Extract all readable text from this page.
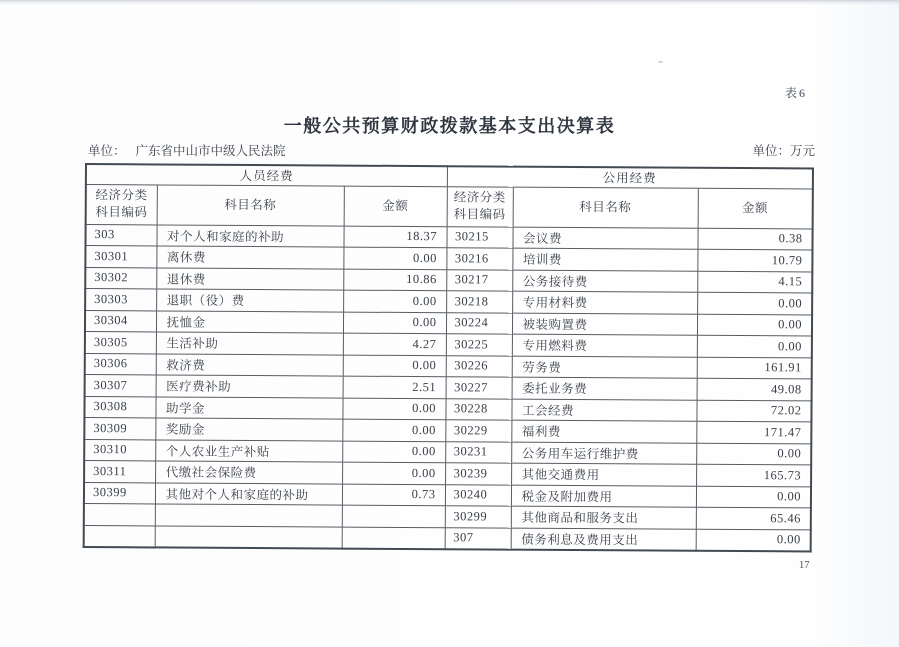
表6
一般公共预算财政拨款基本支出决算表
单位： 广东省中山市中级人民法院	单位：万元
人员经费			公用经费		
经济分类
科目编码	科目名称	金额	经济分类
科目编码	科目名称	金额
303	对个人和家庭的补助	18.37	30215	会议费	0.38
30301	离休费	0.00	30216	培训费	10.79
30302	退休费	10.86	30217	公务接待费	4.15
30303	退职（役）费	0.00	30218	专用材料费	0.00
30304	抚恤金	0.00	30224	被装购置费	0.00
30305	生活补助	4.27	30225	专用燃料费	0.00
30306	救济费	0.00	30226	劳务费	161.91
30307	医疗费补助	2.51	30227	委托业务费	49.08
30308	助学金	0.00	30228	工会经费	72.02
30309	奖励金	0.00	30229	福利费	171.47
30310	个人农业生产补贴	0.00	30231	公务用车运行维护费	0.00
30311	代缴社会保险费	0.00	30239	其他交通费用	165.73
30399	其他对个人和家庭的补助	0.73	30240	税金及附加费用	0.00
			30299	其他商品和服务支出	65.46
			307	债务利息及费用支出	0.00
17
